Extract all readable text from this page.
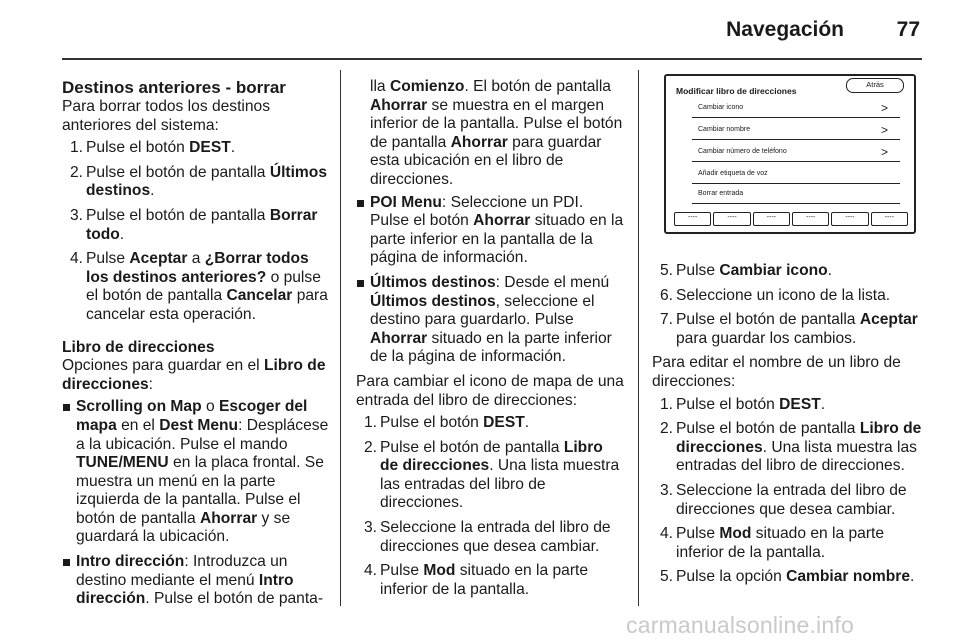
Navegación	77
Destinos anteriores - borrar

Para borrar todos los destinos anteriores del sistema:

1. Pulse el botón DEST.
2. Pulse el botón de pantalla Últimos destinos.
3. Pulse el botón de pantalla Borrar todo.
4. Pulse Aceptar a ¿Borrar todos los destinos anteriores? o pulse el botón de pantalla Cancelar para cancelar esta operación.
Libro de direcciones

Opciones para guardar en el Libro de direcciones:

Scrolling on Map o Escoger del mapa en el Dest Menu: Desplácese a la ubicación. Pulse el mando TUNE/MENU en la placa frontal. Se muestra un menú en la parte izquierda de la pantalla. Pulse el botón de pantalla Ahorrar y se guardará la ubicación.
Intro dirección: Introduzca un destino mediante el menú Intro dirección. Pulse el botón de panta-

lla Comienzo. El botón de pantalla Ahorrar se muestra en el margen inferior de la pantalla. Pulse el botón de pantalla Ahorrar para guardar esta ubicación en el libro de direcciones.

POI Menu: Seleccione un PDI. Pulse el botón Ahorrar situado en la parte inferior en la pantalla de la página de información.
Últimos destinos: Desde el menú Últimos destinos, seleccione el destino para guardarlo. Pulse Ahorrar situado en la parte inferior de la página de información.

Para cambiar el icono de mapa de una entrada del libro de direcciones:

1. Pulse el botón DEST.
2. Pulse el botón de pantalla Libro de direcciones. Una lista muestra las entradas del libro de direcciones.
3. Seleccione la entrada del libro de direcciones que desea cambiar.
4. Pulse Mod situado en la parte inferior de la pantalla.
Modificar libro de direcciones
Atrás
Cambiar icono	>
Cambiar nombre	>
Cambiar número de teléfono	>
Añadir etiqueta de voz
Borrar entrada
----	----	----	----	----	----
5. Pulse Cambiar icono.
6. Seleccione un icono de la lista.
7. Pulse el botón de pantalla Aceptar para guardar los cambios.

Para editar el nombre de un libro de direcciones:

1. Pulse el botón DEST.
2. Pulse el botón de pantalla Libro de direcciones. Una lista muestra las entradas del libro de direcciones.
3. Seleccione la entrada del libro de direcciones que desea cambiar.
4. Pulse Mod situado en la parte inferior de la pantalla.
5. Pulse la opción Cambiar nombre.
carmanualsonline.info
